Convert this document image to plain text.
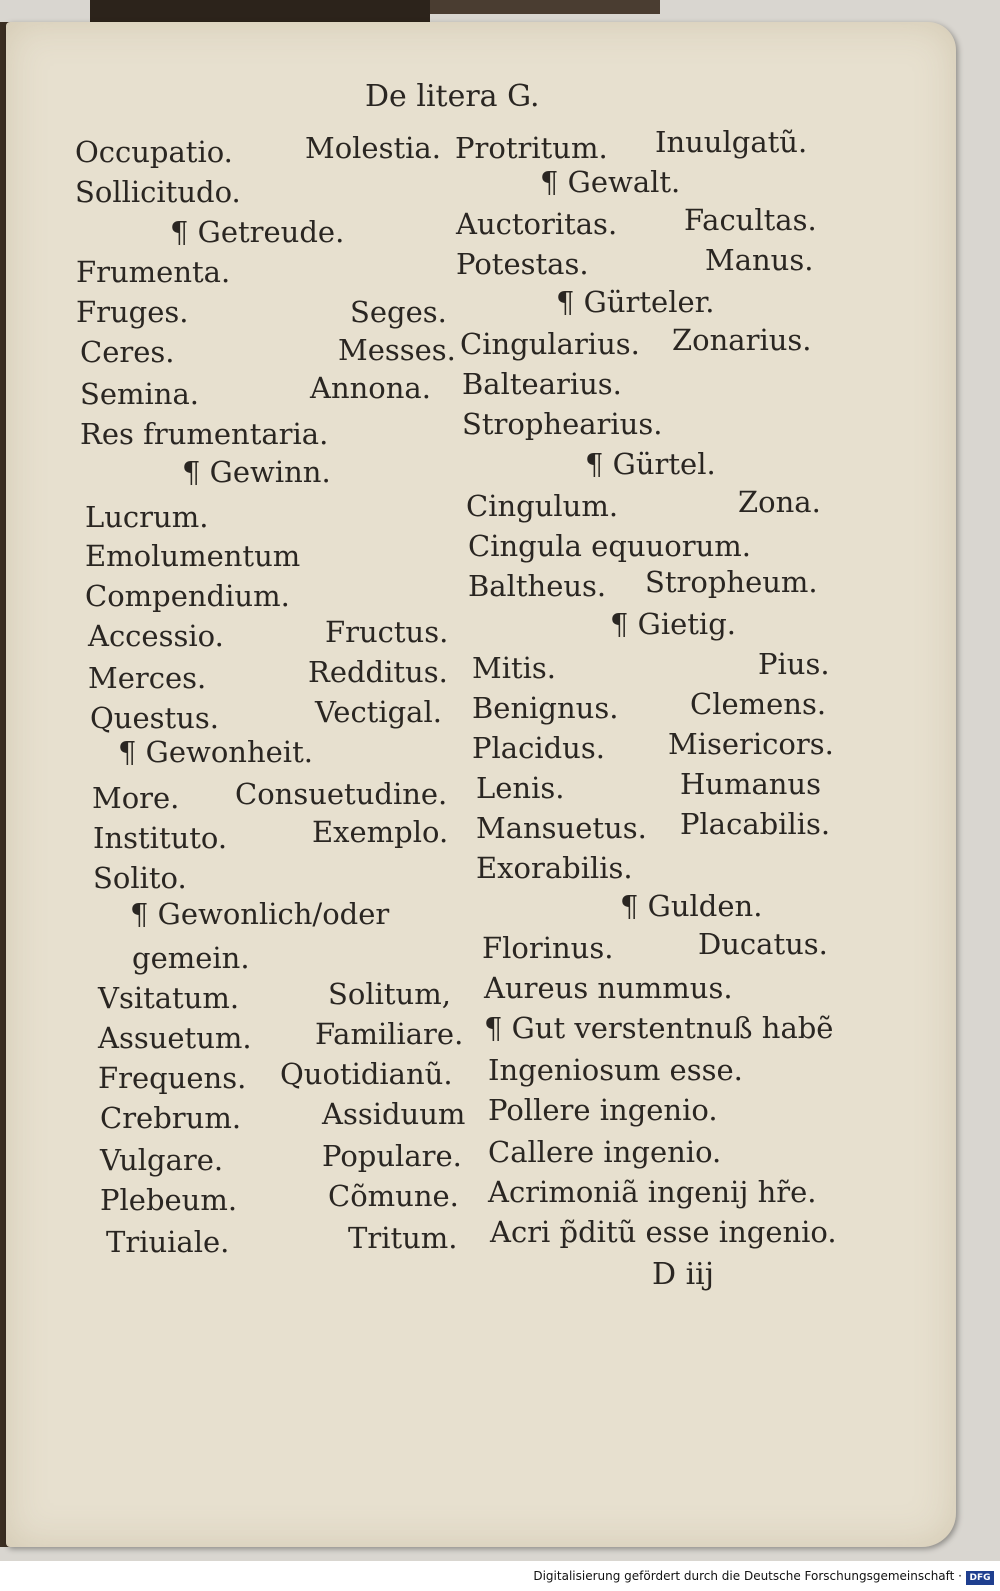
De litera G.
Occupatio. Molestia.
Sollicitudo.
¶ Getreude.
Frumenta.
Fruges.	Seges.
Ceres.	Messes.
Semina.	Annona.
Res frumentaria.
¶ Gewinn.
Lucrum.
Emolumentum
Compendium.
Accessio.	Fructus.
Merces.	Redditus.
Questus.	Vectigal.
¶ Gewonheit.
More. Consuetudine.
Instituto.	Exemplo.
Solito.
¶ Gewonlich/oder
gemein.
Vsitatum.	Solitum,
Assuetum. Familiare.
Frequens. Quotidianũ.
Crebrum.	Assiduum
Vulgare.	Populare.
Plebeum.	Cõmune.
Triuiale.	Tritum.
Protritum. Inuulgatũ.
¶ Gewalt.
Auctoritas. Facultas.
Potestas.	Manus.
¶ Gürteler.
Cingularius. Zonarius.
Baltearius.
Strophearius.
¶ Gürtel.
Cingulum.	Zona.
Cingula equuorum.
Baltheus. Stropheum.
¶ Gietig.
Mitis.	Pius.
Benignus. Clemens.
Placidus. Misericors.
Lenis.	Humanus
Mansuetus. Placabilis.
Exorabilis.
¶ Gulden.
Florinus.	Ducatus.
Aureus nummus.
¶ Gut verstentnuß habẽ
Ingeniosum esse.
Pollere ingenio.
Callere ingenio.
Acrimoniã ingenij hr̃e.
Acri p̃ditũ esse ingenio.
D iij
Digitalisierung gefördert durch die Deutsche Forschungsgemeinschaft · DFG
